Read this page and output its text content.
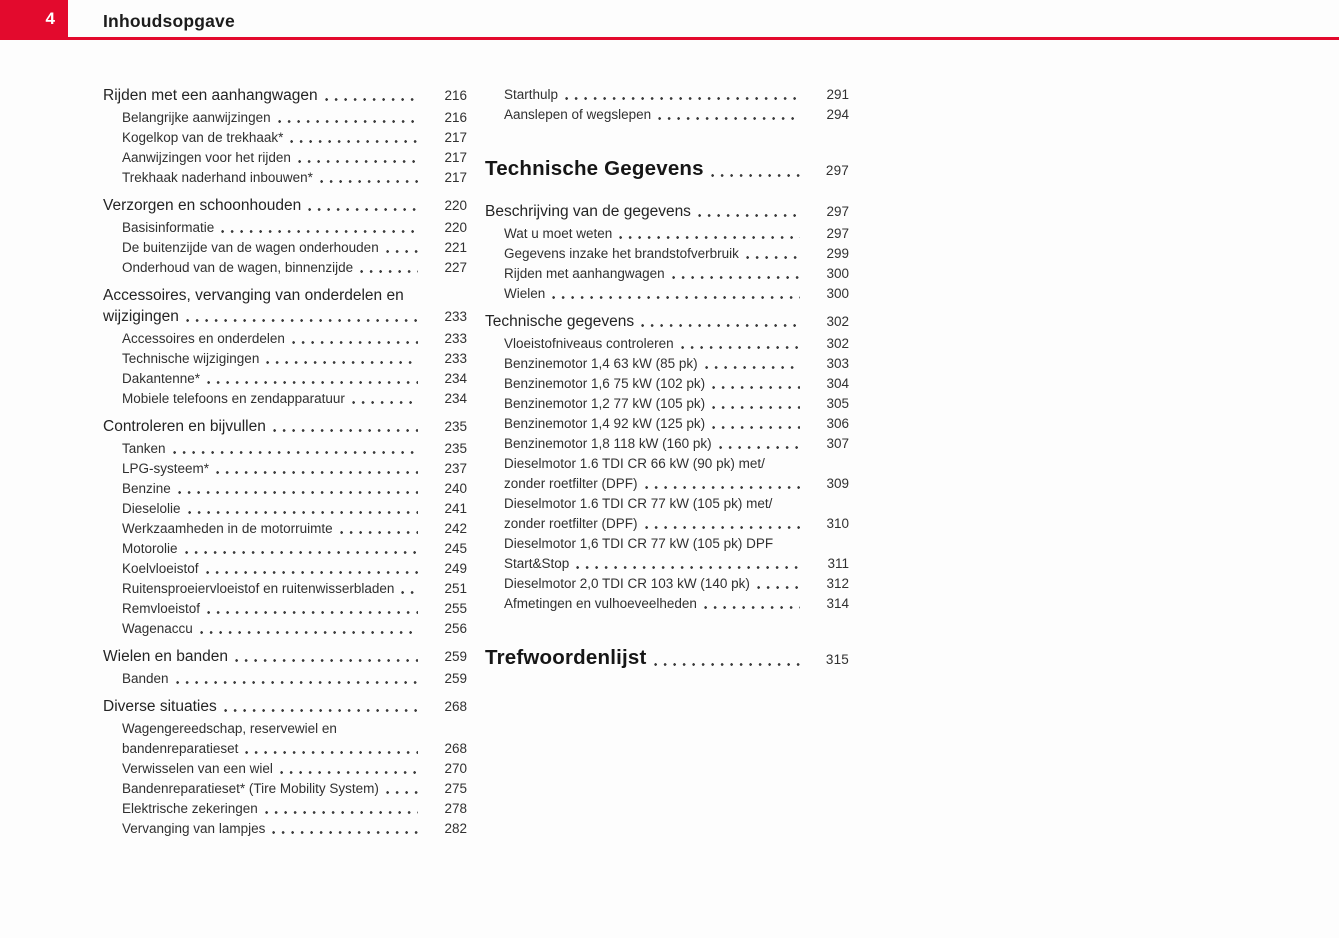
4	Inhoudsopgave
Rijden met een aanhangwagen	216
Belangrijke aanwijzingen	216
Kogelkop van de trekhaak*	217
Aanwijzingen voor het rijden	217
Trekhaak naderhand inbouwen*	217
Verzorgen en schoonhouden	220
Basisinformatie	220
De buitenzijde van de wagen onderhouden	221
Onderhoud van de wagen, binnenzijde	227
Accessoires, vervanging van onderdelen en
wijzigingen	233
Accessoires en onderdelen	233
Technische wijzigingen	233
Dakantenne*	234
Mobiele telefoons en zendapparatuur	234
Controleren en bijvullen	235
Tanken	235
LPG-systeem*	237
Benzine	240
Dieselolie	241
Werkzaamheden in de motorruimte	242
Motorolie	245
Koelvloeistof	249
Ruitensproeiervloeistof en ruitenwisserbladen	251
Remvloeistof	255
Wagenaccu	256
Wielen en banden	259
Banden	259
Diverse situaties	268
Wagengereedschap, reservewiel en
bandenreparatieset	268
Verwisselen van een wiel	270
Bandenreparatieset* (Tire Mobility System)	275
Elektrische zekeringen	278
Vervanging van lampjes	282
Starthulp	291
Aanslepen of wegslepen	294
Technische Gegevens	297
Beschrijving van de gegevens	297
Wat u moet weten	297
Gegevens inzake het brandstofverbruik	299
Rijden met aanhangwagen	300
Wielen	300
Technische gegevens	302
Vloeistofniveaus controleren	302
Benzinemotor 1,4 63 kW (85 pk)	303
Benzinemotor 1,6 75 kW (102 pk)	304
Benzinemotor 1,2 77 kW (105 pk)	305
Benzinemotor 1,4 92 kW (125 pk)	306
Benzinemotor 1,8 118 kW (160 pk)	307
Dieselmotor 1.6 TDI CR 66 kW (90 pk) met/
zonder roetfilter (DPF)	309
Dieselmotor 1.6 TDI CR 77 kW (105 pk) met/
zonder roetfilter (DPF)	310
Dieselmotor 1,6 TDI CR 77 kW (105 pk) DPF
Start&Stop	311
Dieselmotor 2,0 TDI CR 103 kW (140 pk)	312
Afmetingen en vulhoeveelheden	314
Trefwoordenlijst	315
